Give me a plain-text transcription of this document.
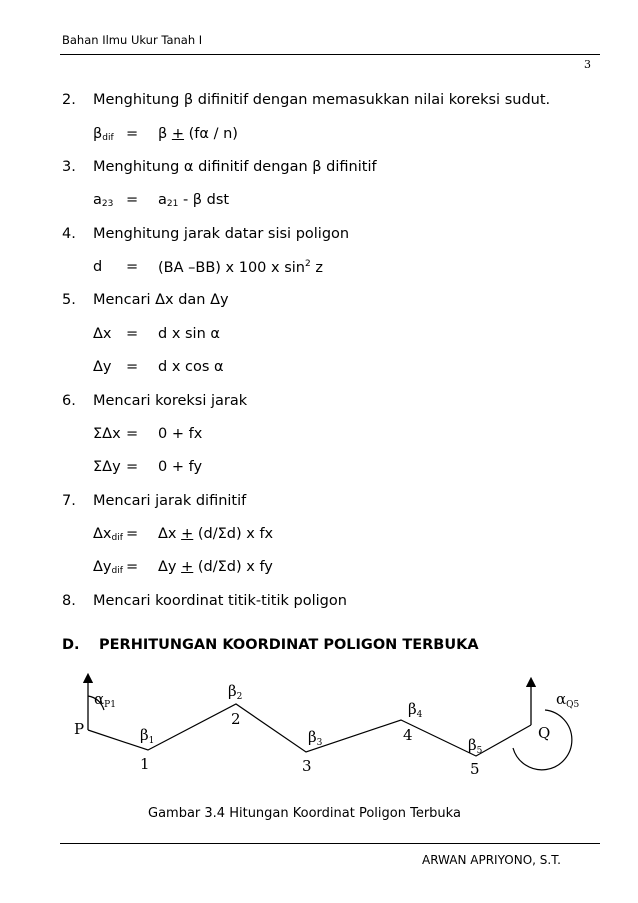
Bahan Ilmu Ukur Tanah I
3
2. Menghitung β difinitif dengan memasukkan nilai koreksi sudut.
$\beta_{dif} = \beta + (f\alpha / n)$
3. Menghitung α difinitif dengan β difinitif
$a_{23} = a_{21} - \beta$ dst
4. Menghitung jarak datar sisi poligon
d = (BA –BB) x 100 x $\sin^2 z$
5. Mencari Δx dan Δy
Δx = d x sin α
Δy = d x cos α
6. Mencari koreksi jarak
ΣΔx = 0 + fx
ΣΔy = 0 + fy
7. Mencari jarak difinitif
$\Delta x_{dif} = \Delta x + (d/\Sigma d)$ x fx
$\Delta y_{dif} = \Delta y + (d/\Sigma d)$ x fy
8. Mencari koordinat titik-titik poligon
D. PERHITUNGAN KOORDINAT POLIGON TERBUKA
$\alpha_{P1}$
P	$\beta_1$
1
$\beta_2$
2
$\beta_3$
3
$\beta_4$
4
$\beta_5$
5
Q
$\alpha_{Q5}$
Gambar 3.4 Hitungan Koordinat Poligon Terbuka
ARWAN APRIYONO, S.T.
